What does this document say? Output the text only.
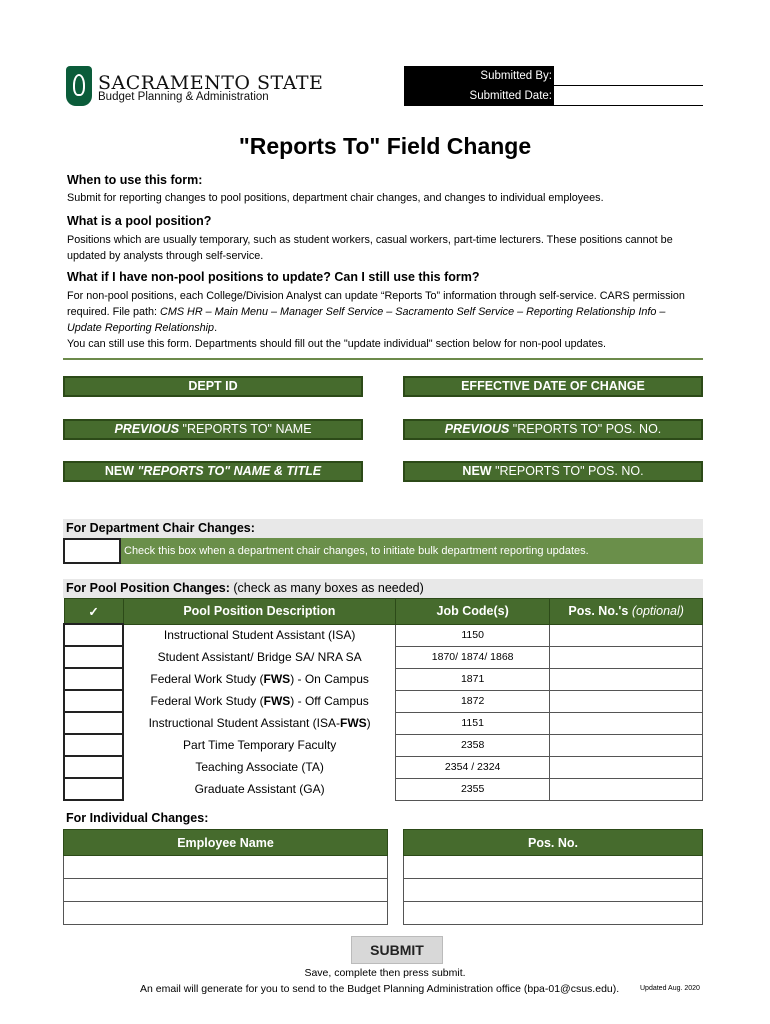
SACRAMENTO STATE
Budget Planning & Administration
Submitted By:
Submitted Date:
"Reports To" Field Change
When to use this form:
Submit for reporting changes to pool positions, department chair changes, and changes to individual employees.
What is a pool position?
Positions which are usually temporary, such as student workers, casual workers, part-time lecturers. These positions cannot be updated by analysts through self-service.
What if I have non-pool positions to update? Can I still use this form?
For non-pool positions, each College/Division Analyst can update “Reports To” information through self-service. CARS permission required. File path: CMS HR – Main Menu – Manager Self Service – Sacramento Self Service – Reporting Relationship Info – Update Reporting Relationship.
You can still use this form. Departments should fill out the "update individual" section below for non-pool updates.
DEPT ID	EFFECTIVE DATE OF CHANGE
PREVIOUS "REPORTS TO" NAME	PREVIOUS "REPORTS TO" POS. NO.
NEW "REPORTS TO" NAME & TITLE	NEW "REPORTS TO" POS. NO.
For Department Chair Changes:
Check this box when a department chair changes, to initiate bulk department reporting updates.
For Pool Position Changes: (check as many boxes as needed)
✓	Pool Position Description	Job Code(s)	Pos. No.'s (optional)
	Instructional Student Assistant (ISA)	1150	
	Student Assistant/ Bridge SA/ NRA SA	1870/ 1874/ 1868	
	Federal Work Study (FWS) - On Campus	1871	
	Federal Work Study (FWS) - Off Campus	1872	
	Instructional Student Assistant (ISA-FWS)	1151	
	Part Time Temporary Faculty	2358	
	Teaching Associate (TA)	2354 / 2324	
	Graduate Assistant (GA)	2355	
For Individual Changes:
Employee Name	Pos. No.

SUBMIT
Save, complete then press submit.
An email will generate for you to send to the Budget Planning Administration office (bpa-01@csus.edu).	Updated Aug. 2020
